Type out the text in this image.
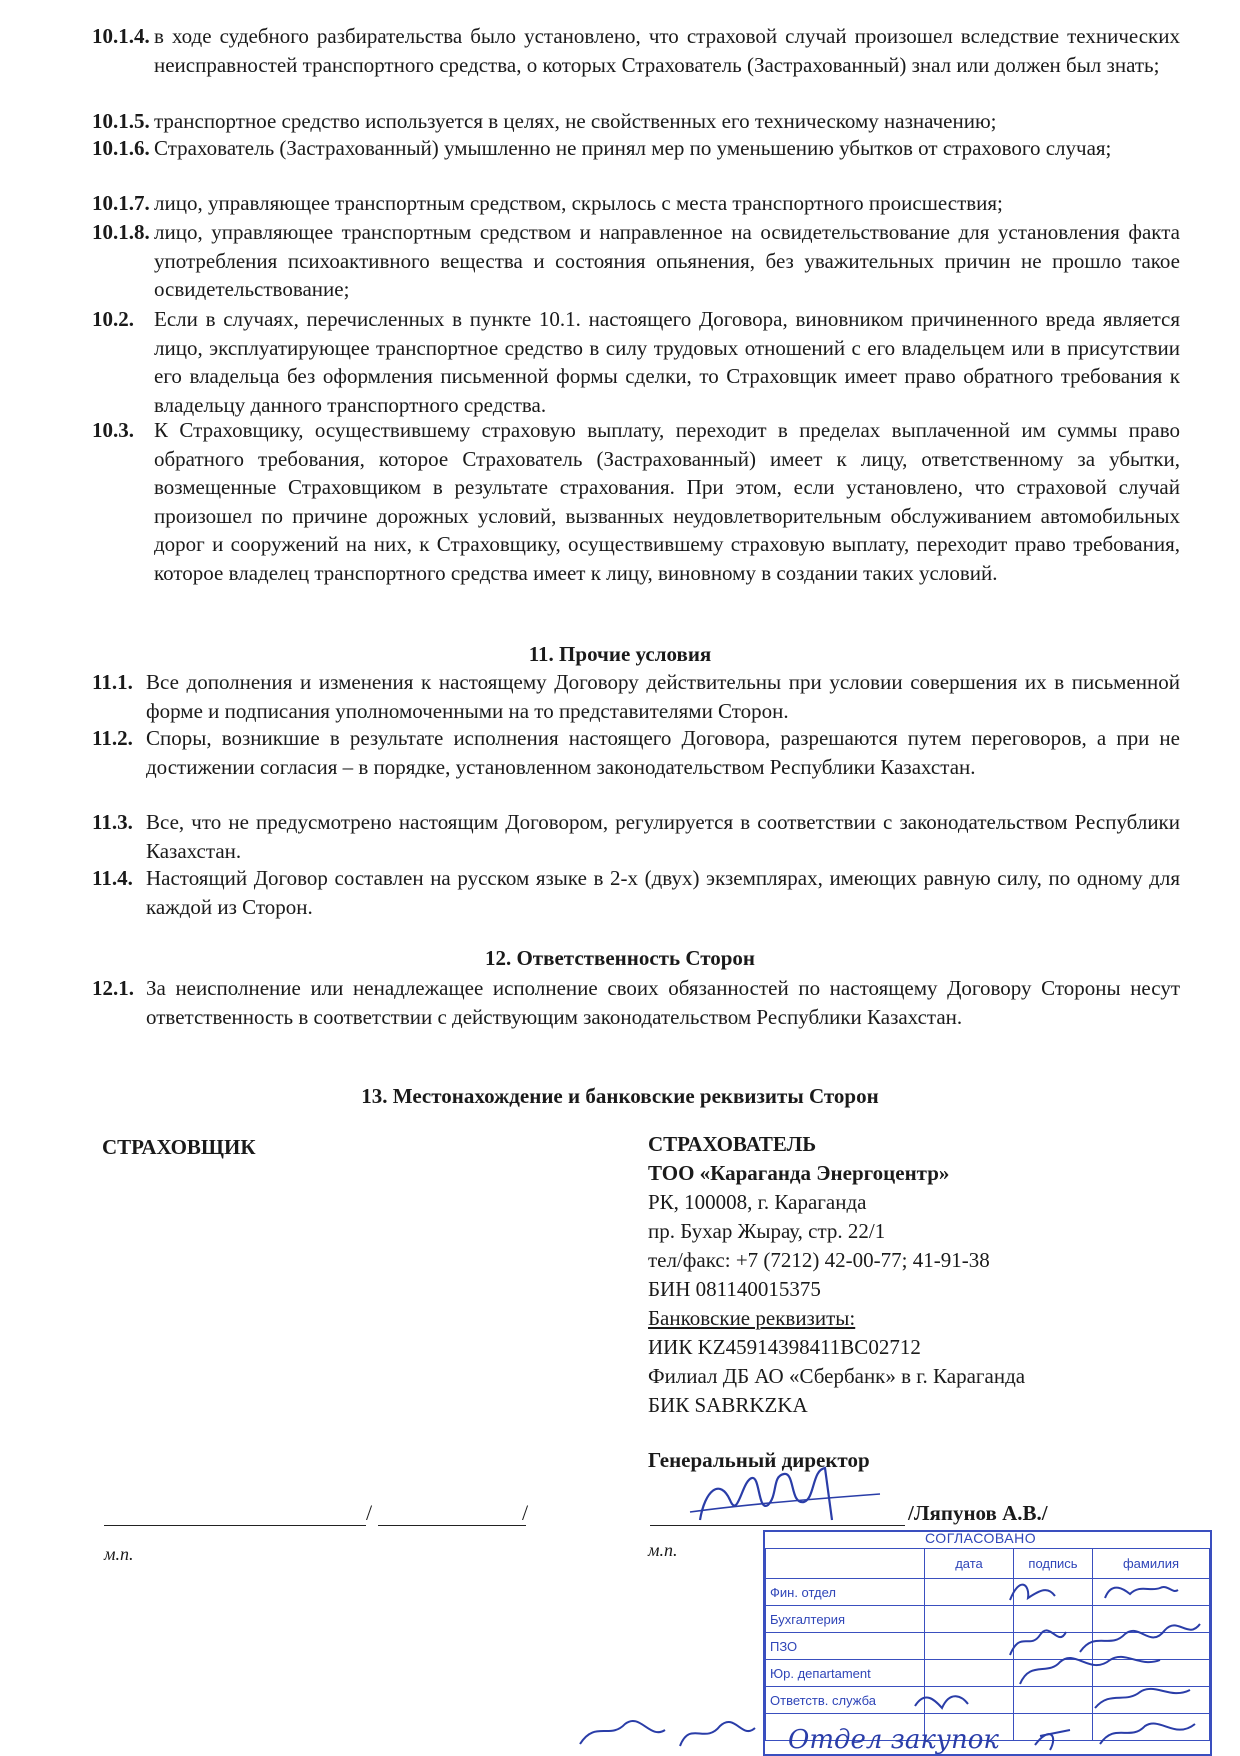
10.1.4. в ходе судебного разбирательства было установлено, что страховой случай произошел вследствие технических неисправностей транспортного средства, о которых Страхователь (Застрахованный) знал или должен был знать;
10.1.5. транспортное средство используется в целях, не свойственных его техническому назначению;
10.1.6. Страхователь (Застрахованный) умышленно не принял мер по уменьшению убытков от страхового случая;
10.1.7. лицо, управляющее транспортным средством, скрылось с места транспортного происшествия;
10.1.8. лицо, управляющее транспортным средством и направленное на освидетельствование для установления факта употребления психоактивного вещества и состояния опьянения, без уважительных причин не прошло такое освидетельствование;
10.2. Если в случаях, перечисленных в пункте 10.1. настоящего Договора, виновником причиненного вреда является лицо, эксплуатирующее транспортное средство в силу трудовых отношений с его владельцем или в присутствии его владельца без оформления письменной формы сделки, то Страховщик имеет право обратного требования к владельцу данного транспортного средства.
10.3. К Страховщику, осуществившему страховую выплату, переходит в пределах выплаченной им суммы право обратного требования, которое Страхователь (Застрахованный) имеет к лицу, ответственному за убытки, возмещенные Страховщиком в результате страхования. При этом, если установлено, что страховой случай произошел по причине дорожных условий, вызванных неудовлетворительным обслуживанием автомобильных дорог и сооружений на них, к Страховщику, осуществившему страховую выплату, переходит право требования, которое владелец транспортного средства имеет к лицу, виновному в создании таких условий.
11. Прочие условия
11.1. Все дополнения и изменения к настоящему Договору действительны при условии совершения их в письменной форме и подписания уполномоченными на то представителями Сторон.
11.2. Споры, возникшие в результате исполнения настоящего Договора, разрешаются путем переговоров, а при не достижении согласия – в порядке, установленном законодательством Республики Казахстан.
11.3. Все, что не предусмотрено настоящим Договором, регулируется в соответствии с законодательством Республики Казахстан.
11.4. Настоящий Договор составлен на русском языке в 2-х (двух) экземплярах, имеющих равную силу, по одному для каждой из Сторон.
12. Ответственность Сторон
12.1. За неисполнение или ненадлежащее исполнение своих обязанностей по настоящему Договору Стороны несут ответственность в соответствии с действующим законодательством Республики Казахстан.
13. Местонахождение и банковские реквизиты Сторон
СТРАХОВЩИК	СТРАХОВАТЕЛЬ
ТОО «Караганда Энергоцентр»
РК, 100008, г. Караганда
пр. Бухар Жырау, стр. 22/1
тел/факс: +7 (7212) 42-00-77; 41-91-38
БИН 081140015375
Банковские реквизиты:
ИИК KZ45914398411BC02712
Филиал ДБ АО «Сбербанк» в г. Караганда
БИК SABRKZKA
Генеральный директор
/	/
м.п.
/Ляпунов А.В./
м.п.
СОГЛАСОВАНО
	дата	подпись	фамилия
Фин. отдел			
Бухгалтерия			
ПЗО			
Юр. депartament			
Ответств. служба			

Отдел закупок
